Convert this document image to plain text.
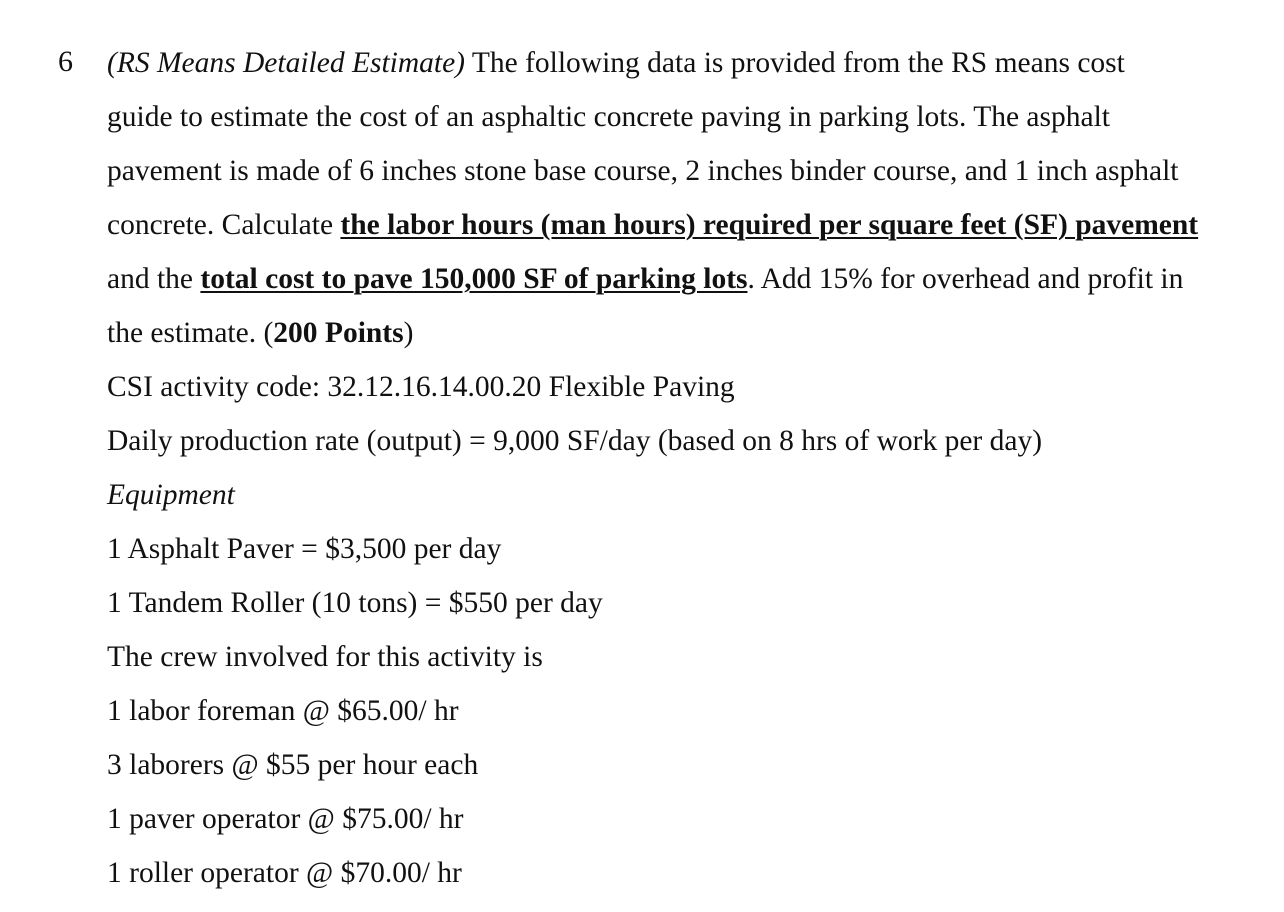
6 (RS Means Detailed Estimate) The following data is provided from the RS means cost
guide to estimate the cost of an asphaltic concrete paving in parking lots. The asphalt
pavement is made of 6 inches stone base course, 2 inches binder course, and 1 inch asphalt
concrete. Calculate the labor hours (man hours) required per square feet (SF) pavement
and the total cost to pave 150,000 SF of parking lots. Add 15% for overhead and profit in
the estimate. (200 Points)
CSI activity code: 32.12.16.14.00.20 Flexible Paving
Daily production rate (output) = 9,000 SF/day (based on 8 hrs of work per day)
Equipment
1 Asphalt Paver = $3,500 per day
1 Tandem Roller (10 tons) = $550 per day
The crew involved for this activity is
1 labor foreman @ $65.00/ hr
3 laborers @ $55 per hour each
1 paver operator @ $75.00/ hr
1 roller operator @ $70.00/ hr
